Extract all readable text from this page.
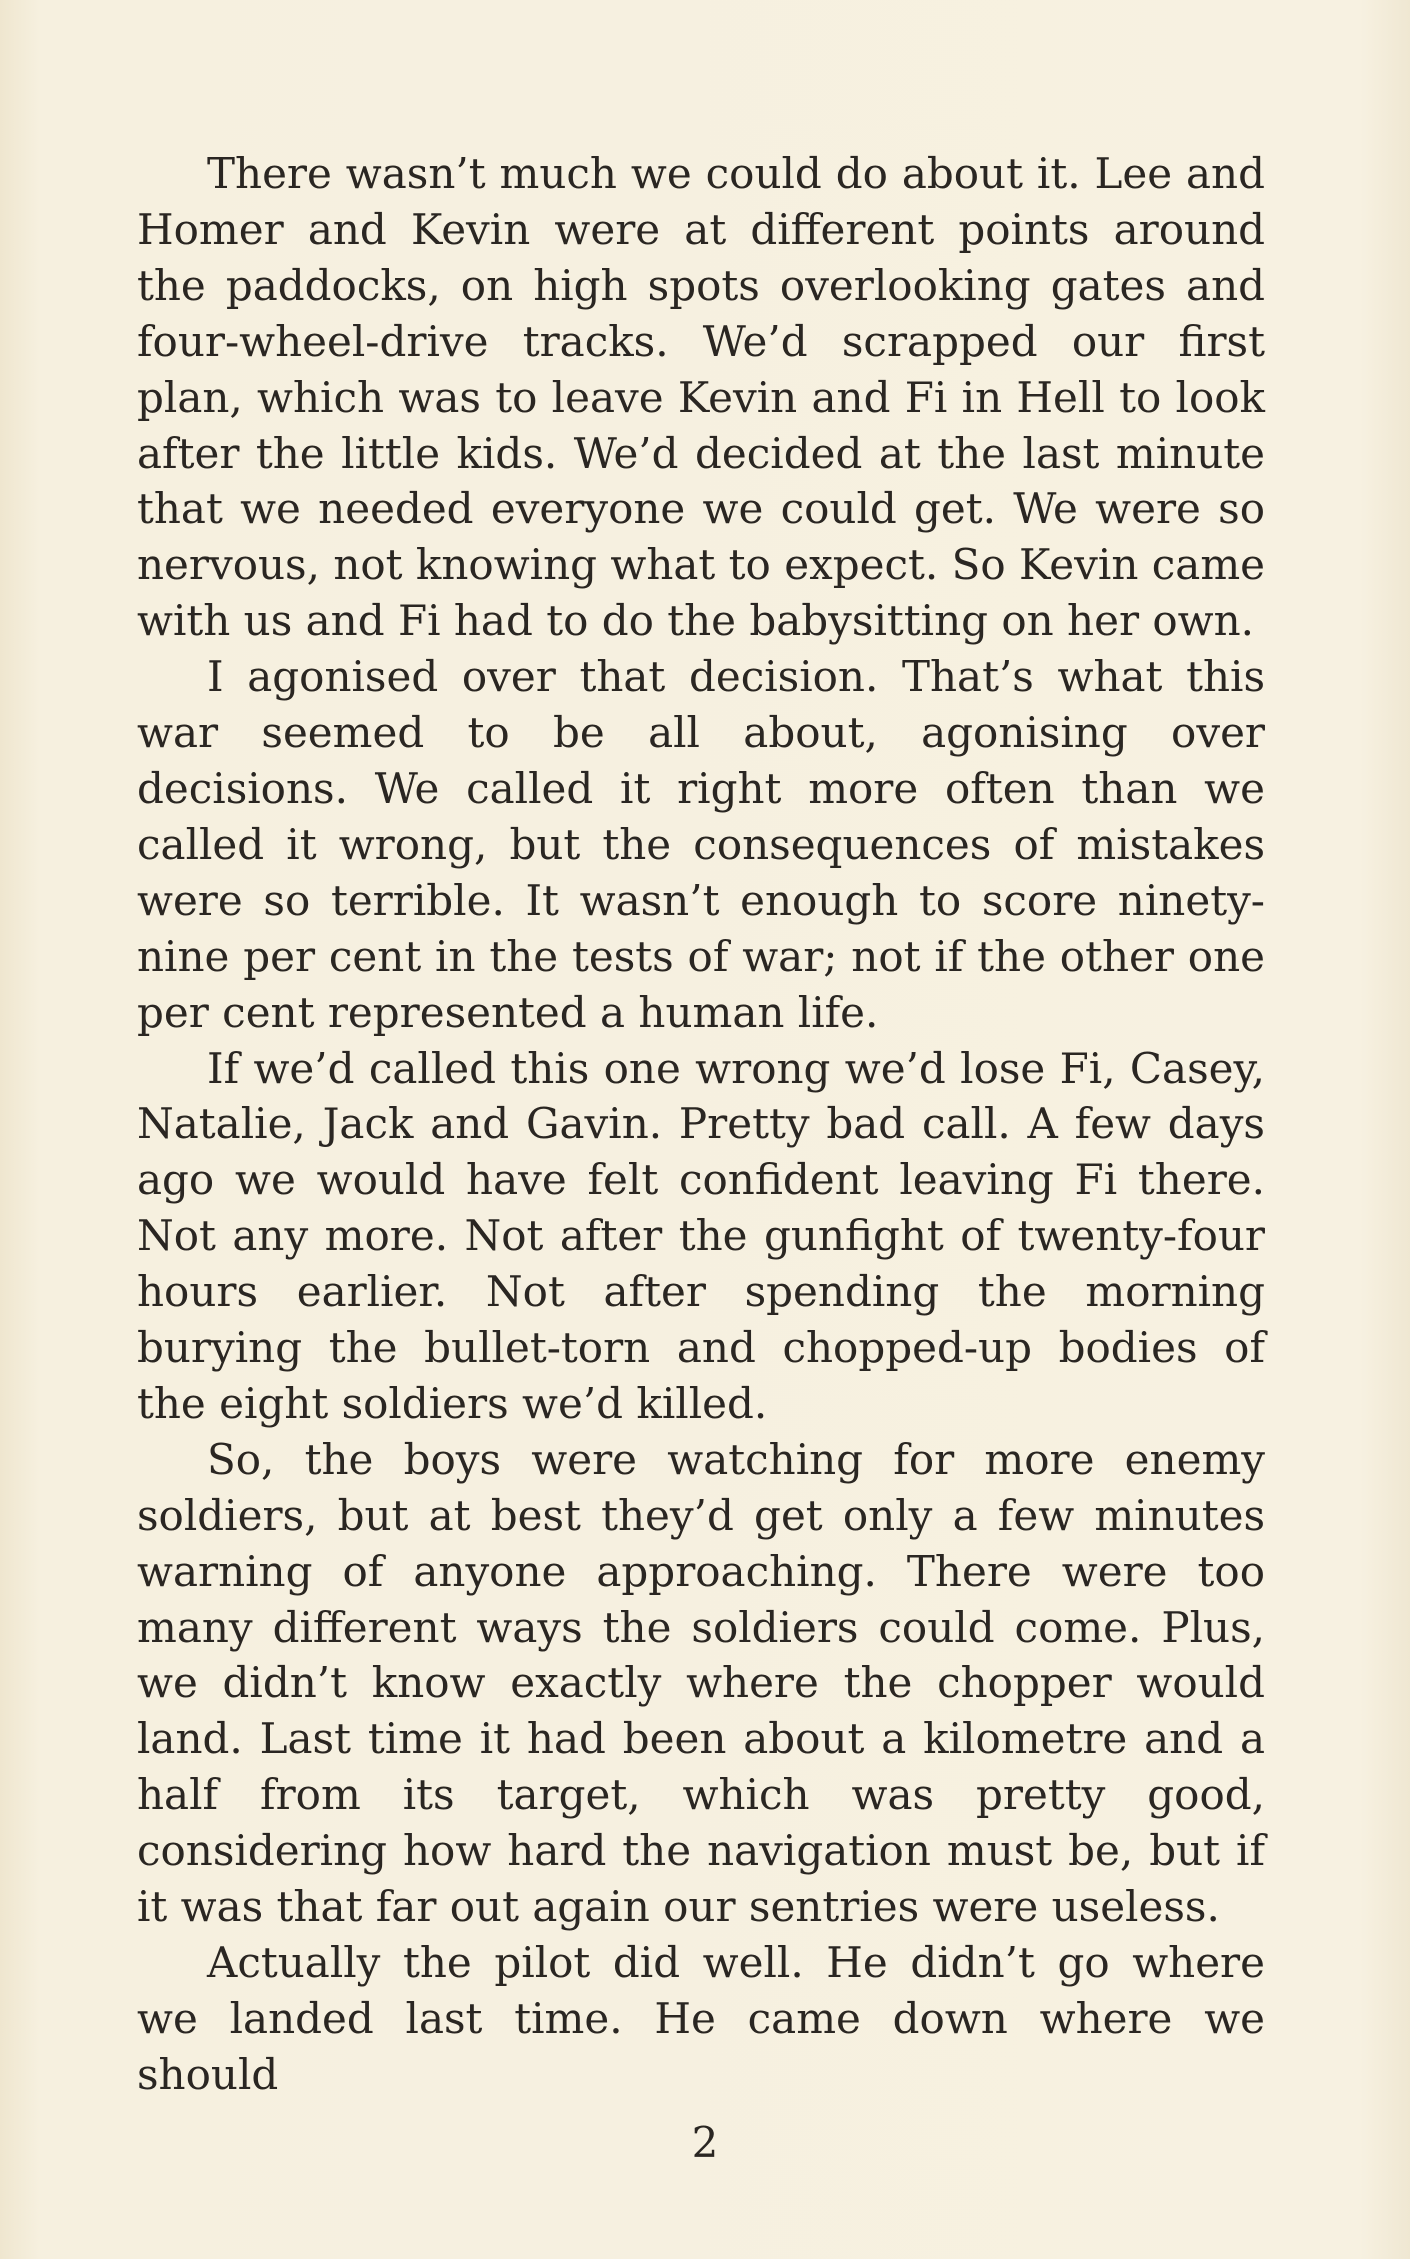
There wasn’t much we could do about it. Lee and Homer and Kevin were at different points around the paddocks, on high spots overlooking gates and four-wheel-drive tracks. We’d scrapped our first plan, which was to leave Kevin and Fi in Hell to look after the little kids. We’d decided at the last minute that we needed everyone we could get. We were so nervous, not knowing what to expect. So Kevin came with us and Fi had to do the babysitting on her own.

I agonised over that decision. That’s what this war seemed to be all about, agonising over decisions. We called it right more often than we called it wrong, but the consequences of mistakes were so terrible. It wasn’t enough to score ninety-nine per cent in the tests of war; not if the other one per cent represented a human life.

If we’d called this one wrong we’d lose Fi, Casey, Natalie, Jack and Gavin. Pretty bad call. A few days ago we would have felt confident leaving Fi there. Not any more. Not after the gunfight of twenty-four hours earlier. Not after spending the morning burying the bullet-torn and chopped-up bodies of the eight soldiers we’d killed.

So, the boys were watching for more enemy soldiers, but at best they’d get only a few minutes warning of anyone approaching. There were too many different ways the soldiers could come. Plus, we didn’t know exactly where the chopper would land. Last time it had been about a kilometre and a half from its target, which was pretty good, considering how hard the navigation must be, but if it was that far out again our sentries were useless.

Actually the pilot did well. He didn’t go where we landed last time. He came down where we should

2
